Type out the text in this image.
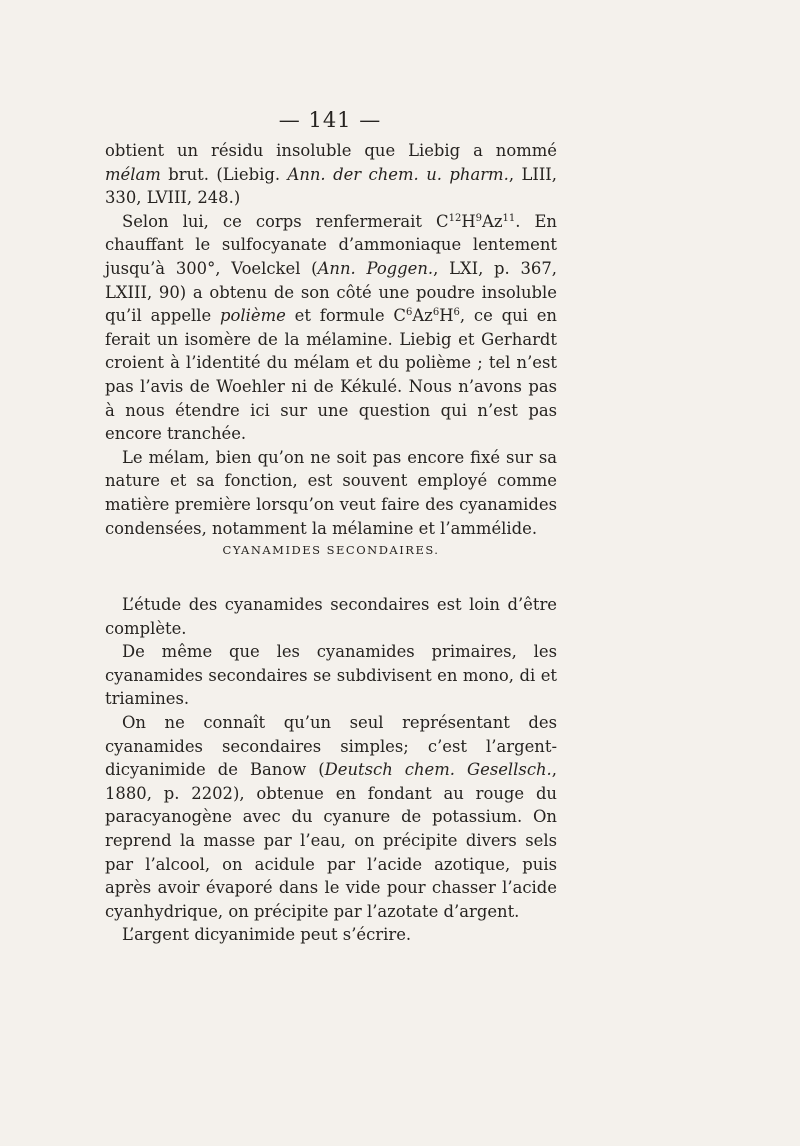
— 141 —

obtient un résidu insoluble que Liebig a nommé mélam brut. (Liebig. Ann. der chem. u. pharm., LIII, 330, LVIII, 248.)

Selon lui, ce corps renfermerait $C^{12}H^9Az^{11}$. En chauffant le sulfocyanate d’ammoniaque lentement jusqu’à 300°, Voelckel (Ann. Poggen., LXI, p. 367, LXIII, 90) a obtenu de son côté une poudre insoluble qu’il appelle polième et formule $C^6Az^6H^6$, ce qui en ferait un isomère de la mélamine. Liebig et Gerhardt croient à l’identité du mélam et du polième ; tel n’est pas l’avis de Woehler ni de Kékulé. Nous n’avons pas à nous étendre ici sur une question qui n’est pas encore tranchée.

Le mélam, bien qu’on ne soit pas encore fixé sur sa nature et sa fonction, est souvent employé comme matière première lorsqu’on veut faire des cyanamides condensées, notamment la mélamine et l’ammélide.

CYANAMIDES SECONDAIRES.

L’étude des cyanamides secondaires est loin d’être complète.

De même que les cyanamides primaires, les cyanamides secondaires se subdivisent en mono, di et triamines.

On ne connaît qu’un seul représentant des cyanamides secondaires simples; c’est l’argent-dicyanimide de Banow (Deutsch chem. Gesellsch., 1880, p. 2202), obtenue en fondant au rouge du paracyanogène avec du cyanure de potassium. On reprend la masse par l’eau, on précipite divers sels par l’alcool, on acidule par l’acide azotique, puis après avoir évaporé dans le vide pour chasser l’acide cyanhydrique, on précipite par l’azotate d’argent.

L’argent dicyanimide peut s’écrire.
